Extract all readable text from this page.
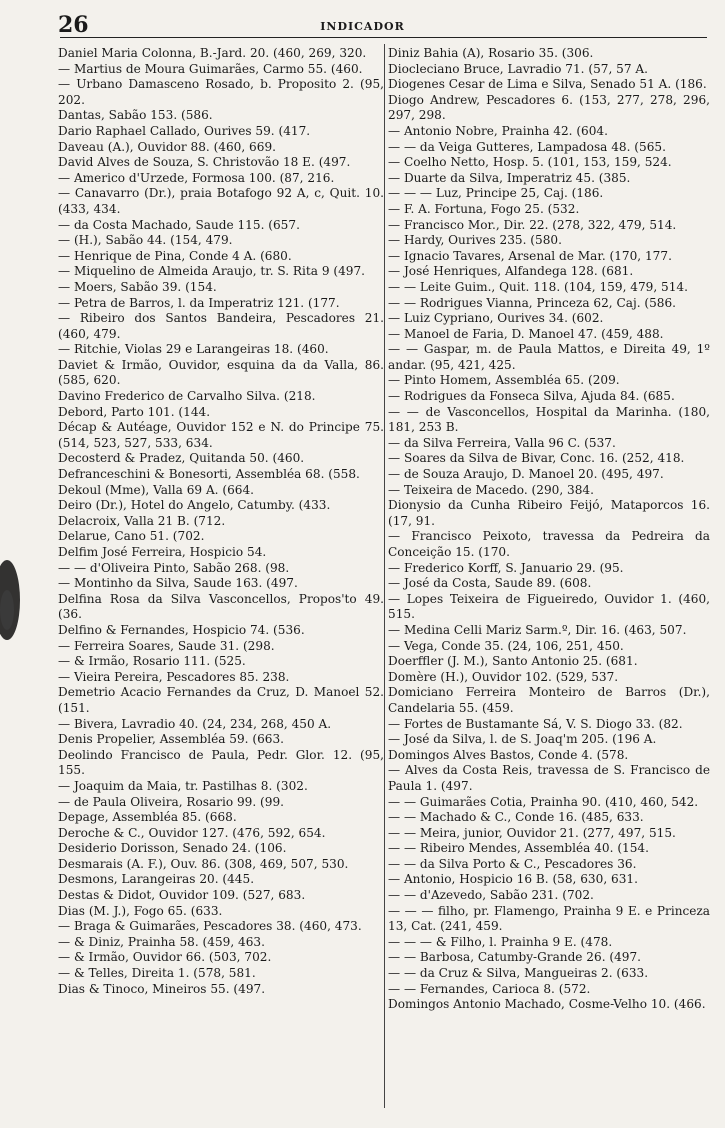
26	INDICADOR
Daniel Maria Colonna, B.-Jard. 20. (460, 269, 320.
— Martius de Moura Guimarães, Carmo 55. (460.
— Urbano Damasceno Rosado, b. Proposito 2. (95, 202.
Dantas, Sabão 153. (586.
Dario Raphael Callado, Ourives 59. (417.
Daveau (A.), Ouvidor 88. (460, 669.
David Alves de Souza, S. Christovão 18 E. (497.
— Americo d'Urzede, Formosa 100. (87, 216.
— Canavarro (Dr.), praia Botafogo 92 A, c, Quit. 10. (433, 434.
— da Costa Machado, Saude 115. (657.
— (H.), Sabão 44. (154, 479.
— Henrique de Pina, Conde 4 A. (680.
— Miquelino de Almeida Araujo, tr. S. Rita 9 (497.
— Moers, Sabão 39. (154.
— Petra de Barros, l. da Imperatriz 121. (177.
— Ribeiro dos Santos Bandeira, Pescadores 21. (460, 479.
— Ritchie, Violas 29 e Larangeiras 18. (460.
Daviet & Irmão, Ouvidor, esquina da da Valla, 86. (585, 620.
Davino Frederico de Carvalho Silva. (218.
Debord, Parto 101. (144.
Décap & Autéage, Ouvidor 152 e N. do Principe 75. (514, 523, 527, 533, 634.
Decosterd & Pradez, Quitanda 50. (460.
Defranceschini & Bonesorti, Assembléa 68. (558.
Dekoul (Mme), Valla 69 A. (664.
Deiro (Dr.), Hotel do Angelo, Catumby. (433.
Delacroix, Valla 21 B. (712.
Delarue, Cano 51. (702.
Delfim José Ferreira, Hospicio 54.
— — d'Oliveira Pinto, Sabão 268. (98.
— Montinho da Silva, Saude 163. (497.
Delfina Rosa da Silva Vasconcellos, Propos'to 49. (36.
Delfino & Fernandes, Hospicio 74. (536.
— Ferreira Soares, Saude 31. (298.
— & Irmão, Rosario 111. (525.
— Vieira Pereira, Pescadores 85. 238.
Demetrio Acacio Fernandes da Cruz, D. Manoel 52. (151.
— Bivera, Lavradio 40. (24, 234, 268, 450 A.
Denis Propelier, Assembléa 59. (663.
Deolindo Francisco de Paula, Pedr. Glor. 12. (95, 155.
— Joaquim da Maia, tr. Pastilhas 8. (302.
— de Paula Oliveira, Rosario 99. (99.
Depage, Assembléa 85. (668.
Deroche & C., Ouvidor 127. (476, 592, 654.
Desiderio Dorisson, Senado 24. (106.
Desmarais (A. F.), Ouv. 86. (308, 469, 507, 530.
Desmons, Larangeiras 20. (445.
Destas & Didot, Ouvidor 109. (527, 683.
Dias (M. J.), Fogo 65. (633.
— Braga & Guimarães, Pescadores 38. (460, 473.
— & Diniz, Prainha 58. (459, 463.
— & Irmão, Ouvidor 66. (503, 702.
— & Telles, Direita 1. (578, 581.
Dias & Tinoco, Mineiros 55. (497.
Diniz Bahia (A), Rosario 35. (306.
Diocleciano Bruce, Lavradio 71. (57, 57 A.
Diogenes Cesar de Lima e Silva, Senado 51 A. (186.
Diogo Andrew, Pescadores 6. (153, 277, 278, 296, 297, 298.
— Antonio Nobre, Prainha 42. (604.
— — da Veiga Gutteres, Lampadosa 48. (565.
— Coelho Netto, Hosp. 5. (101, 153, 159, 524.
— Duarte da Silva, Imperatriz 45. (385.
— — — Luz, Principe 25, Caj. (186.
— F. A. Fortuna, Fogo 25. (532.
— Francisco Mor., Dir. 22. (278, 322, 479, 514.
— Hardy, Ourives 235. (580.
— Ignacio Tavares, Arsenal de Mar. (170, 177.
— José Henriques, Alfandega 128. (681.
— — Leite Guim., Quit. 118. (104, 159, 479, 514.
— — Rodrigues Vianna, Princeza 62, Caj. (586.
— Luiz Cypriano, Ourives 34. (602.
— Manoel de Faria, D. Manoel 47. (459, 488.
— — Gaspar, m. de Paula Mattos, e Direita 49, 1º andar. (95, 421, 425.
— Pinto Homem, Assembléa 65. (209.
— Rodrigues da Fonseca Silva, Ajuda 84. (685.
— — de Vasconcellos, Hospital da Marinha. (180, 181, 253 B.
— da Silva Ferreira, Valla 96 C. (537.
— Soares da Silva de Bivar, Conc. 16. (252, 418.
— de Souza Araujo, D. Manoel 20. (495, 497.
— Teixeira de Macedo. (290, 384.
Dionysio da Cunha Ribeiro Feijó, Mataporcos 16. (17, 91.
— Francisco Peixoto, travessa da Pedreira da Conceição 15. (170.
— Frederico Korff, S. Januario 29. (95.
— José da Costa, Saude 89. (608.
— Lopes Teixeira de Figueiredo, Ouvidor 1. (460, 515.
— Medina Celli Mariz Sarm.º, Dir. 16. (463, 507.
— Vega, Conde 35. (24, 106, 251, 450.
Doerffler (J. M.), Santo Antonio 25. (681.
Domère (H.), Ouvidor 102. (529, 537.
Domiciano Ferreira Monteiro de Barros (Dr.), Candelaria 55. (459.
— Fortes de Bustamante Sá, V. S. Diogo 33. (82.
— José da Silva, l. de S. Joaq'm 205. (196 A.
Domingos Alves Bastos, Conde 4. (578.
— Alves da Costa Reis, travessa de S. Francisco de Paula 1. (497.
— — Guimarães Cotia, Prainha 90. (410, 460, 542.
— — Machado & C., Conde 16. (485, 633.
— — Meira, junior, Ouvidor 21. (277, 497, 515.
— — Ribeiro Mendes, Assembléa 40. (154.
— — da Silva Porto & C., Pescadores 36.
— Antonio, Hospicio 16 B. (58, 630, 631.
— — d'Azevedo, Sabão 231. (702.
— — — filho, pr. Flamengo, Prainha 9 E. e Princeza 13, Cat. (241, 459.
— — — & Filho, l. Prainha 9 E. (478.
— — Barbosa, Catumby-Grande 26. (497.
— — da Cruz & Silva, Mangueiras 2. (633.
— — Fernandes, Carioca 8. (572.
Domingos Antonio Machado, Cosme-Velho 10. (466.
